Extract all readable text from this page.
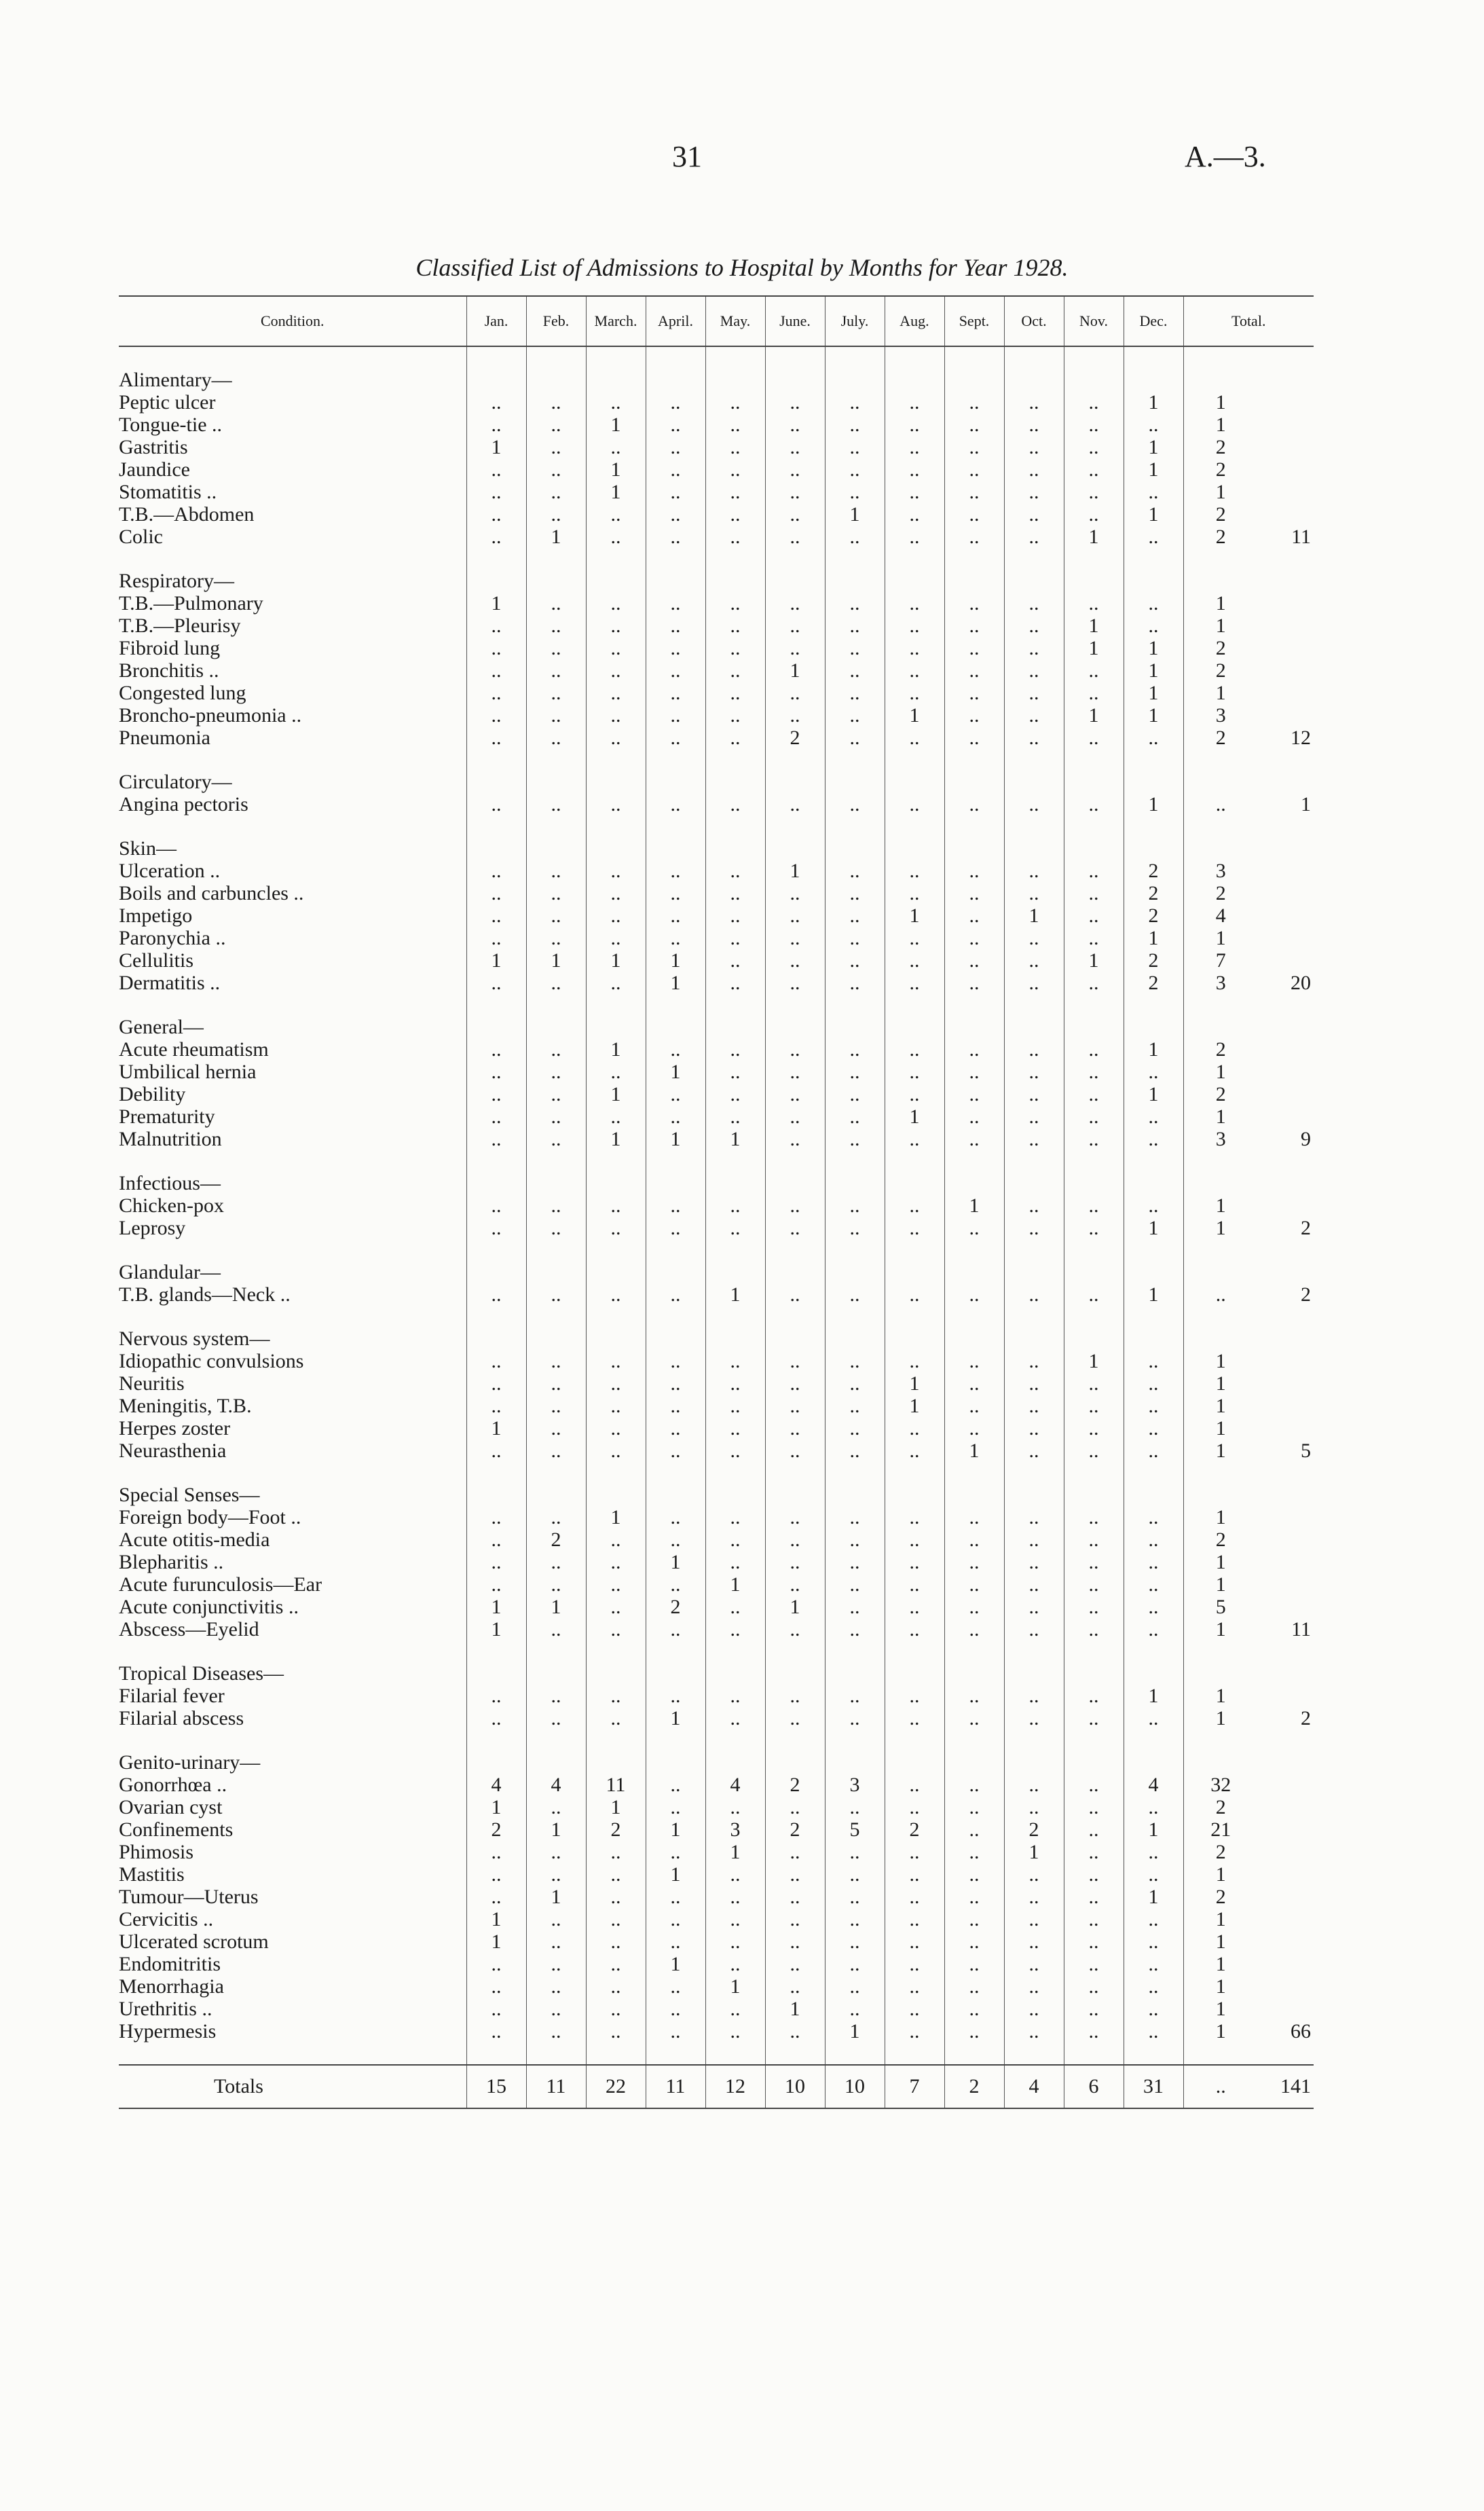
31	A.—3.
Classified List of Admissions to Hospital by Months for Year 1928.
Condition.	Jan.	Feb.	March.	April.	May.	June.	July.	Aug.	Sept.	Oct.	Nov.	Dec.	Total.	

Alimentary—														
Peptic ulcer	..	..	..	..	..	..	..	..	..	..	..	1	1	
Tongue-tie ..	..	..	1	..	..	..	..	..	..	..	..	..	1	
Gastritis	1	..	..	..	..	..	..	..	..	..	..	1	2	
Jaundice	..	..	1	..	..	..	..	..	..	..	..	1	2	
Stomatitis ..	..	..	1	..	..	..	..	..	..	..	..	..	1	
T.B.—Abdomen	..	..	..	..	..	..	1	..	..	..	..	1	2	
Colic	..	1	..	..	..	..	..	..	..	..	1	..	2	11

Respiratory—														
T.B.—Pulmonary	1	..	..	..	..	..	..	..	..	..	..	..	1	
T.B.—Pleurisy	..	..	..	..	..	..	..	..	..	..	1	..	1	
Fibroid lung	..	..	..	..	..	..	..	..	..	..	1	1	2	
Bronchitis ..	..	..	..	..	..	1	..	..	..	..	..	1	2	
Congested lung	..	..	..	..	..	..	..	..	..	..	..	1	1	
Broncho-pneumonia ..	..	..	..	..	..	..	..	1	..	..	1	1	3	
Pneumonia	..	..	..	..	..	2	..	..	..	..	..	..	2	12

Circulatory—														
Angina pectoris	..	..	..	..	..	..	..	..	..	..	..	1	..	1

Skin—														
Ulceration ..	..	..	..	..	..	1	..	..	..	..	..	2	3	
Boils and carbuncles ..	..	..	..	..	..	..	..	..	..	..	..	2	2	
Impetigo	..	..	..	..	..	..	..	1	..	1	..	2	4	
Paronychia ..	..	..	..	..	..	..	..	..	..	..	..	1	1	
Cellulitis	1	1	1	1	..	..	..	..	..	..	1	2	7	
Dermatitis ..	..	..	..	1	..	..	..	..	..	..	..	2	3	20

General—														
Acute rheumatism	..	..	1	..	..	..	..	..	..	..	..	1	2	
Umbilical hernia	..	..	..	1	..	..	..	..	..	..	..	..	1	
Debility	..	..	1	..	..	..	..	..	..	..	..	1	2	
Prematurity	..	..	..	..	..	..	..	1	..	..	..	..	1	
Malnutrition	..	..	1	1	1	..	..	..	..	..	..	..	3	9

Infectious—														
Chicken-pox	..	..	..	..	..	..	..	..	1	..	..	..	1	
Leprosy	..	..	..	..	..	..	..	..	..	..	..	1	1	2

Glandular—														
T.B. glands—Neck ..	..	..	..	..	1	..	..	..	..	..	..	1	..	2

Nervous system—														
Idiopathic convulsions	..	..	..	..	..	..	..	..	..	..	1	..	1	
Neuritis	..	..	..	..	..	..	..	1	..	..	..	..	1	
Meningitis, T.B.	..	..	..	..	..	..	..	1	..	..	..	..	1	
Herpes zoster	1	..	..	..	..	..	..	..	..	..	..	..	1	
Neurasthenia	..	..	..	..	..	..	..	..	1	..	..	..	1	5

Special Senses—														
Foreign body—Foot ..	..	..	1	..	..	..	..	..	..	..	..	..	1	
Acute otitis-media	..	2	..	..	..	..	..	..	..	..	..	..	2	
Blepharitis ..	..	..	..	1	..	..	..	..	..	..	..	..	1	
Acute furunculosis—Ear	..	..	..	..	1	..	..	..	..	..	..	..	1	
Acute conjunctivitis ..	1	1	..	2	..	1	..	..	..	..	..	..	5	
Abscess—Eyelid	1	..	..	..	..	..	..	..	..	..	..	..	1	11

Tropical Diseases—														
Filarial fever	..	..	..	..	..	..	..	..	..	..	..	1	1	
Filarial abscess	..	..	..	1	..	..	..	..	..	..	..	..	1	2

Genito-urinary—														
Gonorrhœa ..	4	4	11	..	4	2	3	..	..	..	..	4	32	
Ovarian cyst	1	..	1	..	..	..	..	..	..	..	..	..	2	
Confinements	2	1	2	1	3	2	5	2	..	2	..	1	21	
Phimosis	..	..	..	..	1	..	..	..	..	1	..	..	2	
Mastitis	..	..	..	1	..	..	..	..	..	..	..	..	1	
Tumour—Uterus	..	1	..	..	..	..	..	..	..	..	..	1	2	
Cervicitis ..	1	..	..	..	..	..	..	..	..	..	..	..	1	
Ulcerated scrotum	1	..	..	..	..	..	..	..	..	..	..	..	1	
Endomitritis	..	..	..	1	..	..	..	..	..	..	..	..	1	
Menorrhagia	..	..	..	..	1	..	..	..	..	..	..	..	1	
Urethritis ..	..	..	..	..	..	1	..	..	..	..	..	..	1	
Hypermesis	..	..	..	..	..	..	1	..	..	..	..	..	1	66

Totals	15	11	22	11	12	10	10	7	2	4	6	31	..	141
